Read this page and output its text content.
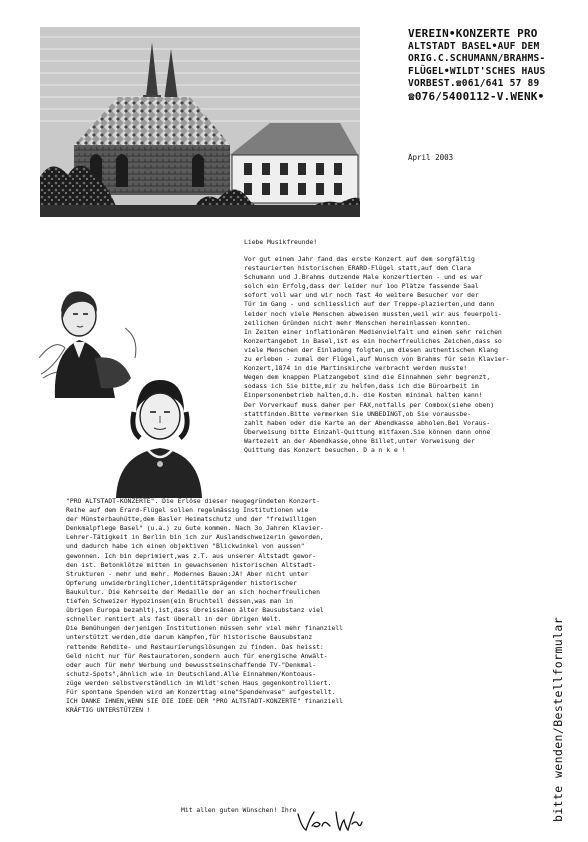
VEREIN•KONZERTE PRO
ALTSTADT BASEL•AUF DEM
ORIG.C.SCHUMANN/BRAHMS-
FLÜGEL•WILDT'SCHES HAUS
VORBEST.☎061/641 57 89
☎076/5400112-V.WENK•
April 2003
Liebe Musikfreunde!
Vor gut einem Jahr fand das erste Konzert auf dem sorgfältig
restaurierten historischen ERARD-Flügel statt,auf dem Clara
Schumann und J.Brahms dutzende Male konzertierten - und es war
solch ein Erfolg,dass der leider nur 1oo Plätze fassende Saal
sofort voll war und wir noch fast 4o weitere Besucher vor der
Tür im Gang - und schliesslich auf der Treppe-plazierten,und dann
leider noch viele Menschen abweisen mussten,weil wir aus feuerpoli-
zeilichen Gründen nicht mehr Menschen hereinlassen konnten.
In Zeiten einer inflationären Medienvielfalt und einem sehr reichen
Konzertangebot in Basel,ist es ein hocherfreuliches Zeichen,dass so
viele Menschen der Einladung folgten,um diesen authentischen Klang
zu erleben - zumal der Flügel,auf Wunsch von Brahms für sein Klavier-
Konzert,1874 in die Martinskirche verbracht werden musste!
Wegen dem knappen Platzangebot sind die Einnahmen sehr begrenzt,
sodass ich Sie bitte,mir zu helfen,dass ich die Büroarbeit im
Einpersonenbetrieb halten,d.h. die Kosten minimal halten kann!
Der Vorverkauf muss daher per FAX,notfalls per Combox(siehe oben)
stattfinden.Bitte vermerken Sie UNBEDINGT,ob Sie voraussbe-
zahlt haben oder die Karte an der Abendkasse abholen.Bei Voraus-
Überweisung bitte Einzahl-Quittung mitfaxen.Sie können dann ohne
Wartezeit an der Abendkasse,ohne Billet,unter Vorweisung der
Quittung das Konzert besuchen. D a n k e !
"PRO ALTSTADT-KONZERTE". Die Erlöse dieser neugegründeten Konzert-
Reihe auf dem Erard-Flügel sollen regelmässig Institutionen wie
der Münsterbauhütte,dem Basler Heimatschutz und der "freiwilligen
Denkmalpflege Basel" (u.a.) zu Gute kommen. Nach 3o Jahren Klavier-
Lehrer-Tätigkeit in Berlin bin ich zur Auslandschweizerin geworden,
und dadurch habe ich einen objektiven "Blickwinkel von aussen"
gewonnen. Ich bin deprimiert,was z.T. aus unserer Altstadt gewor-
den ist. Betonklötze mitten in gewachsenen historischen Altstadt-
Strukturen - mehr und mehr. Modernes Bauen:JA! Aber nicht unter
Opferung unwiderbringlicher,identitätsprägender historischer
Baukultur. Die Kehrseite der Medaille der an sich hocherfreulichen
tiefen Schweizer Hypozinsen(ein Bruchteil dessen,was man in
übrigen Europa bezahlt),ist,dass übreissänen älter Bausubstanz viel
schneller rentiert als fast überall in der übrigen Welt.
Die Bemühungen derjenigen Institutionen müssen sehr viel mehr finanziell
unterstützt werden,die darum kämpfen,für historische Bausubstanz
rettende Rehdite- und Restaurierungslösungen zu finden. Das heisst:
Geld nicht nur für Restauratoren,sondern auch für energische Anwält-
oder auch für mehr Werbung und bewusstseinschaffende TV-"Denkmal-
schutz-Spots",ähnlich wie in Deutschland.Alle Einnahmen/Kontoaus-
züge werden selbstverständlich im Wildt'schen Haus gegenkontrolliert.
Für spontane Spenden wird am Konzerttag eine"Spendenvase" aufgestellt.
ICH DANKE IHNEN,WENN SIE DIE IDEE DER "PRO ALTSTADT-KONZERTE" finanziell
KRÄFTIG UNTERSTÜTZEN !
Mit allen guten Wünschen! Ihre	bitte wenden/Bestellformular
